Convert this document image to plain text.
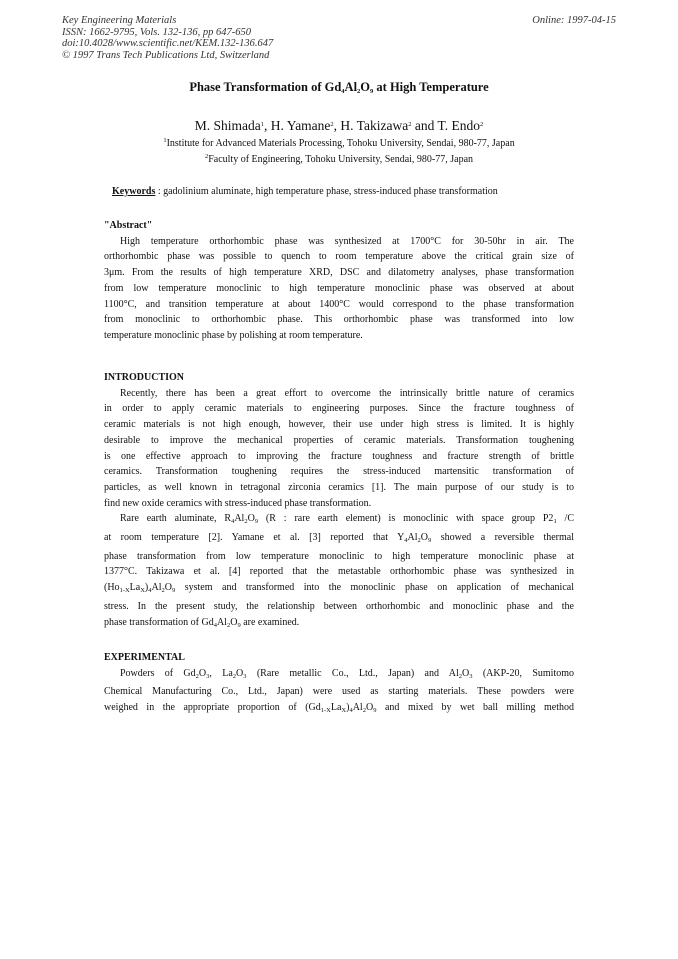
Key Engineering Materials
ISSN: 1662-9795, Vols. 132-136, pp 647-650
doi:10.4028/www.scientific.net/KEM.132-136.647
© 1997 Trans Tech Publications Ltd, Switzerland
Online: 1997-04-15
Phase Transformation of $Gd_4Al_2O_9$ at High Temperature
M. Shimada$^1$, H. Yamane$^2$, H. Takizawa$^2$ and T. Endo$^2$
$^1$Institute for Advanced Materials Processing, Tohoku University, Sendai, 980-77, Japan
$^2$Faculty of Engineering, Tohoku University, Sendai, 980-77, Japan
Keywords : gadolinium aluminate, high temperature phase, stress-induced phase transformation
"Abstract"
High temperature orthorhombic phase was synthesized at 1700°C for 30-50hr in air. The
orthorhombic phase was possible to quench to room temperature above the critical grain size of
3μm. From the results of high temperature XRD, DSC and dilatometry analyses, phase transformation
from low temperature monoclinic to high temperature monoclinic phase was observed at about
1100°C, and transition temperature at about 1400°C would correspond to the phase transformation
from monoclinic to orthorhombic phase. This orthorhombic phase was transformed into low
temperature monoclinic phase by polishing at room temperature.
INTRODUCTION
Recently, there has been a great effort to overcome the intrinsically brittle nature of ceramics
in order to apply ceramic materials to engineering purposes. Since the fracture toughness of
ceramic materials is not high enough, however, their use under high stress is limited. It is highly
desirable to improve the mechanical properties of ceramic materials. Transformation toughening
is one effective approach to improving the fracture toughness and fracture strength of brittle
ceramics. Transformation toughening requires the stress-induced martensitic transformation of
particles, as well known in tetragonal zirconia ceramics [1]. The main purpose of our study is to
find new oxide ceramics with stress-induced phase transformation.
Rare earth aluminate, $R_4Al_2O_9$ (R : rare earth element) is monoclinic with space group $P2_1$ /C
at room temperature [2]. Yamane et al. [3] reported that $Y_4Al_2O_9$ showed a reversible thermal
phase transformation from low temperature monoclinic to high temperature monoclinic phase at
1377°C. Takizawa et al. [4] reported that the metastable orthorhombic phase was synthesized in
$(Ho_{1-X}La_X)_4Al_2O_9$ system and transformed into the monoclinic phase on application of mechanical
stress. In the present study, the relationship between orthorhombic and monoclinic phase and the
phase transformation of $Gd_4Al_2O_9$ are examined.
EXPERIMENTAL
Powders of $Gd_2O_3$, $La_2O_3$ (Rare metallic Co., Ltd., Japan) and $Al_2O_3$ (AKP-20, Sumitomo
Chemical Manufacturing Co., Ltd., Japan) were used as starting materials. These powders were
weighed in the appropriate proportion of $(Gd_{1-X}La_X)_4Al_2O_9$ and mixed by wet ball milling method
